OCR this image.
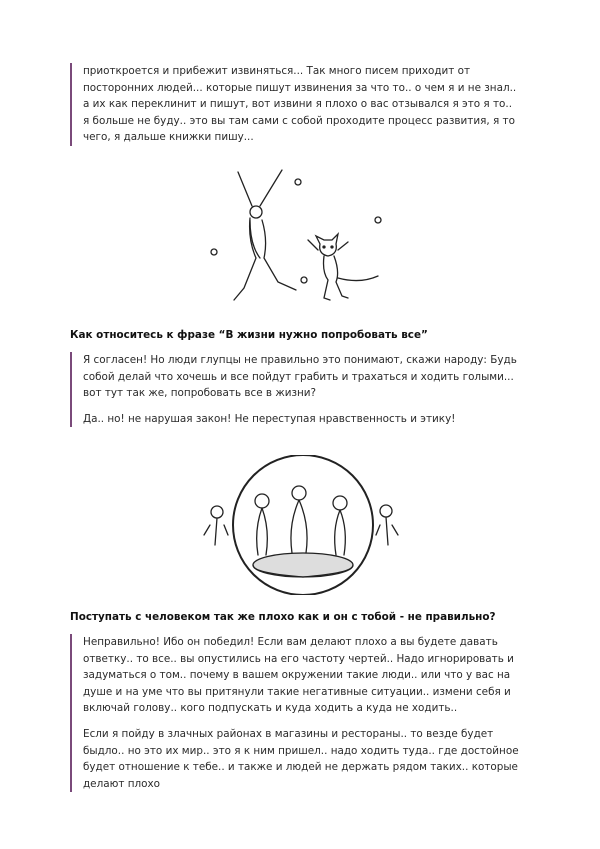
приоткроется и прибежит извиняться... Так много писем приходит от
посторонних людей... которые пишут извинения за что то.. о чем я и не знал..
а их как переклинит и пишут, вот извини я плохо о вас отзывался я это я то..
я больше не буду.. это вы там сами с собой проходите процесс развития, я то
чего, я дальше книжки пишу...

Как относитесь к фразе “В жизни нужно попробовать все”

Я согласен! Но люди глупцы не правильно это понимают, скажи народу: Будь
собой делай что хочешь и все пойдут грабить и трахаться и ходить голыми...
вот тут так же, попробовать все в жизни?

Да.. но! не нарушая закон! Не переступая нравственность и этику!

Поступать с человеком так же плохо как и он с тобой - не правильно?

Неправильно! Ибо он победил! Если вам делают плохо а вы будете давать
ответку.. то все.. вы опустились на его частоту чертей.. Надо игнорировать и
задуматься о том.. почему в вашем окружении такие люди.. или что у вас на
душе и на уме что вы притянули такие негативные ситуации.. измени себя и
включай голову.. кого подпускать и куда ходить а куда не ходить..

Если я пойду в злачных районах в магазины и рестораны.. то везде будет
быдло.. но это их мир.. это я к ним пришел.. надо ходить туда.. где достойное
будет отношение к тебе.. и также и людей не держать рядом таких.. которые
делают плохо
